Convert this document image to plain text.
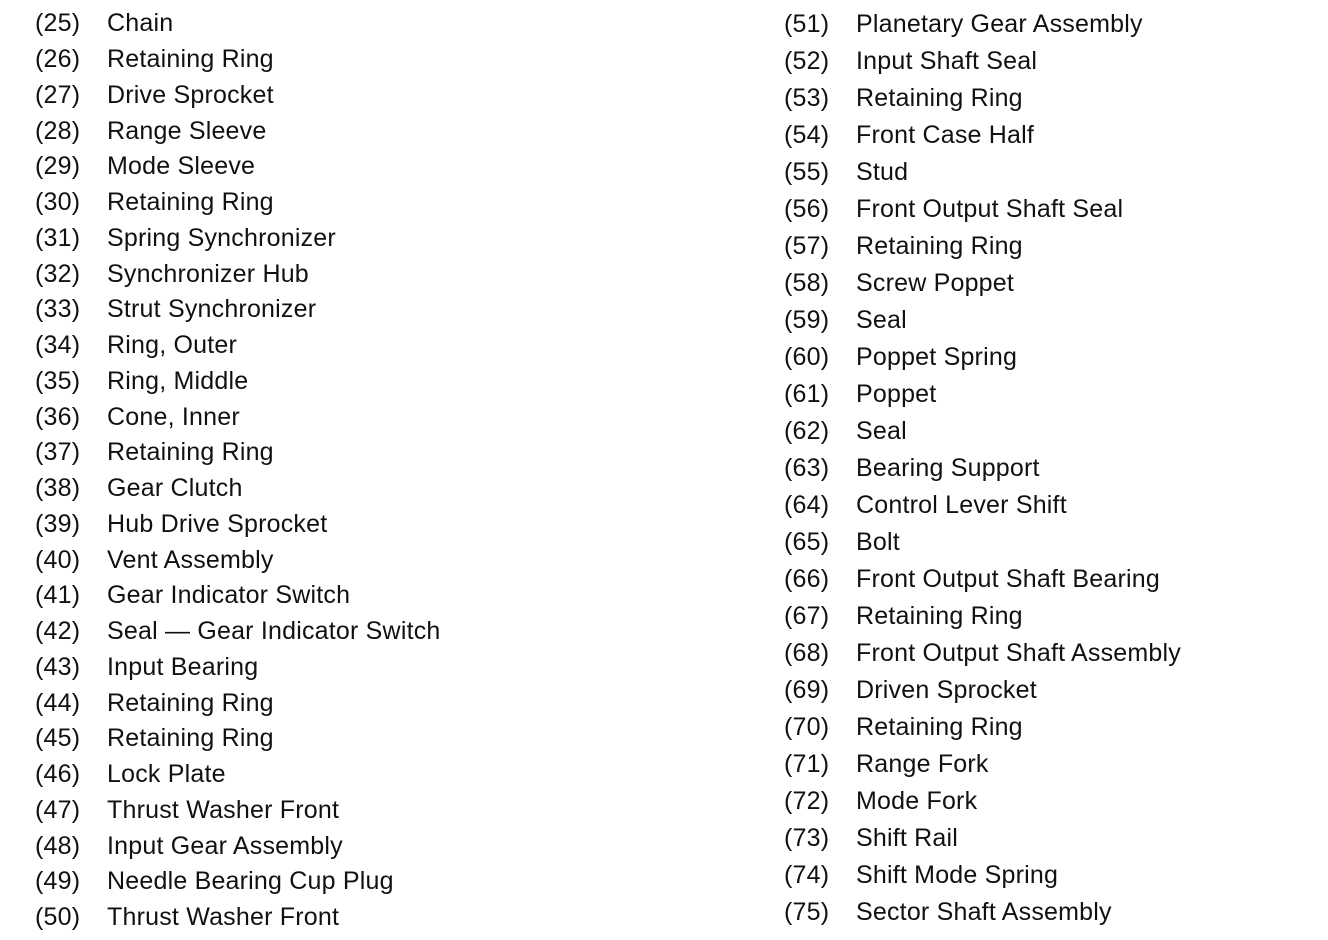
(25)	Chain
(26)	Retaining Ring
(27)	Drive Sprocket
(28)	Range Sleeve
(29)	Mode Sleeve
(30)	Retaining Ring
(31)	Spring Synchronizer
(32)	Synchronizer Hub
(33)	Strut Synchronizer
(34)	Ring, Outer
(35)	Ring, Middle
(36)	Cone, Inner
(37)	Retaining Ring
(38)	Gear Clutch
(39)	Hub Drive Sprocket
(40)	Vent Assembly
(41)	Gear Indicator Switch
(42)	Seal — Gear Indicator Switch
(43)	Input Bearing
(44)	Retaining Ring
(45)	Retaining Ring
(46)	Lock Plate
(47)	Thrust Washer Front
(48)	Input Gear Assembly
(49)	Needle Bearing Cup Plug
(50)	Thrust Washer Front
(51)	Planetary Gear Assembly
(52)	Input Shaft Seal
(53)	Retaining Ring
(54)	Front Case Half
(55)	Stud
(56)	Front Output Shaft Seal
(57)	Retaining Ring
(58)	Screw Poppet
(59)	Seal
(60)	Poppet Spring
(61)	Poppet
(62)	Seal
(63)	Bearing Support
(64)	Control Lever Shift
(65)	Bolt
(66)	Front Output Shaft Bearing
(67)	Retaining Ring
(68)	Front Output Shaft Assembly
(69)	Driven Sprocket
(70)	Retaining Ring
(71)	Range Fork
(72)	Mode Fork
(73)	Shift Rail
(74)	Shift Mode Spring
(75)	Sector Shaft Assembly
